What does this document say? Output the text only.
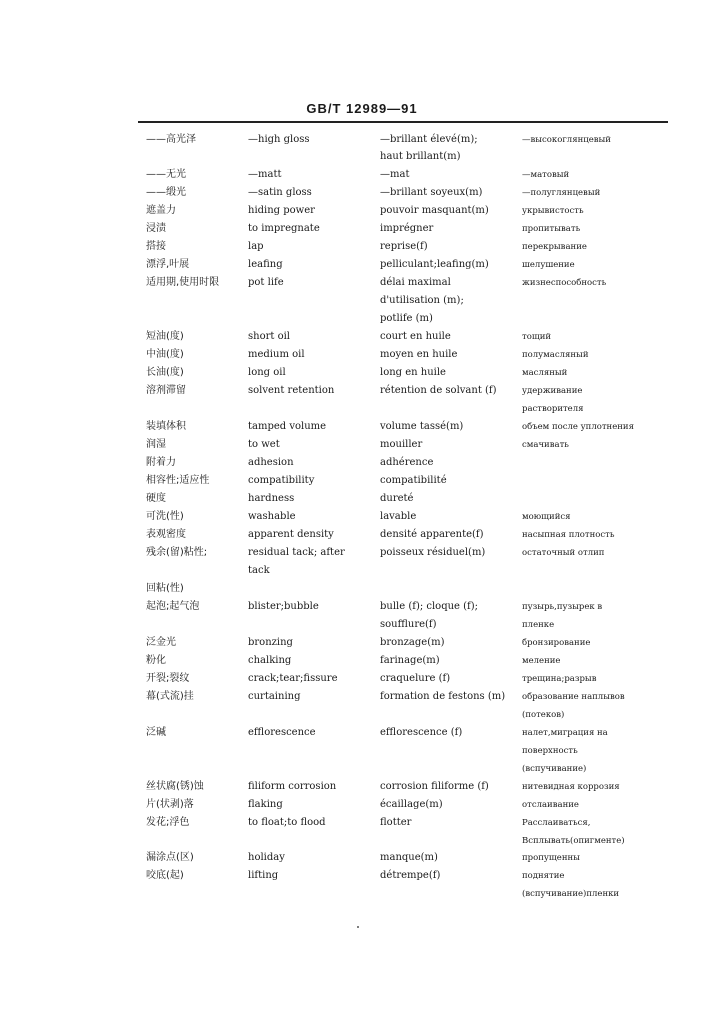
GB/T 12989—91
——高光泽	—high gloss	—brillant élevé(m);	—высокоглянцевый
haut brillant(m)
——无光	—matt	—mat	—матовый
——缎光	—satin gloss	—brillant soyeux(m)	—полуглянцевый
遮盖力	hiding power	pouvoir masquant(m)	укрывистость
浸渍	to impregnate	imprégner	пропитывать
搭接	lap	reprise(f)	перекрывание
漂浮,叶展	leafing	pelliculant;leafing(m)	шелушение
适用期,使用时限	pot life	délai maximal	жизнеспособность
d'utilisation (m);
potlife (m)
短油(度)	short oil	court en huile	тощий
中油(度)	medium oil	moyen en huile	полумасляный
长油(度)	long oil	long en huile	масляный
溶剂滞留	solvent retention	rétention de solvant (f)	удерживание
растворителя
装填体积	tamped volume	volume tassé(m)	объем после уплотнения
润湿	to wet	mouiller	смачивать
附着力	adhesion	adhérence
相容性;适应性	compatibility	compatibilité
硬度	hardness	dureté
可洗(性)	washable	lavable	моющийся
表观密度	apparent density	densité apparente(f)	насыпная плотность
残余(留)粘性;	residual tack; after	poisseux résiduel(m)	остаточный отлип
tack
回粘(性)
起泡;起气泡	blister;bubble	bulle (f); cloque (f);	пузырь,пузырек в
soufflure(f)	пленке
泛金光	bronzing	bronzage(m)	бронзирование
粉化	chalking	farinage(m)	меление
开裂;裂纹	crack;tear;fissure	craquelure (f)	трещина;разрыв
幕(式流)挂	curtaining	formation de festons (m)	образование наплывов
(потеков)
泛碱	efflorescence	efflorescence (f)	налет,миграция на
поверхность
(вспучивание)
丝状腐(锈)蚀	filiform corrosion	corrosion filiforme (f)	нитевидная коррозия
片(状剥)落	flaking	écaillage(m)	отслаивание
发花;浮色	to float;to flood	flotter	Расслаиваться,
Всплывать(опигменте)
漏涂点(区)	holiday	manque(m)	пропущенны
咬底(起)	lifting	détrempe(f)	поднятие
(вспучивание)пленки
